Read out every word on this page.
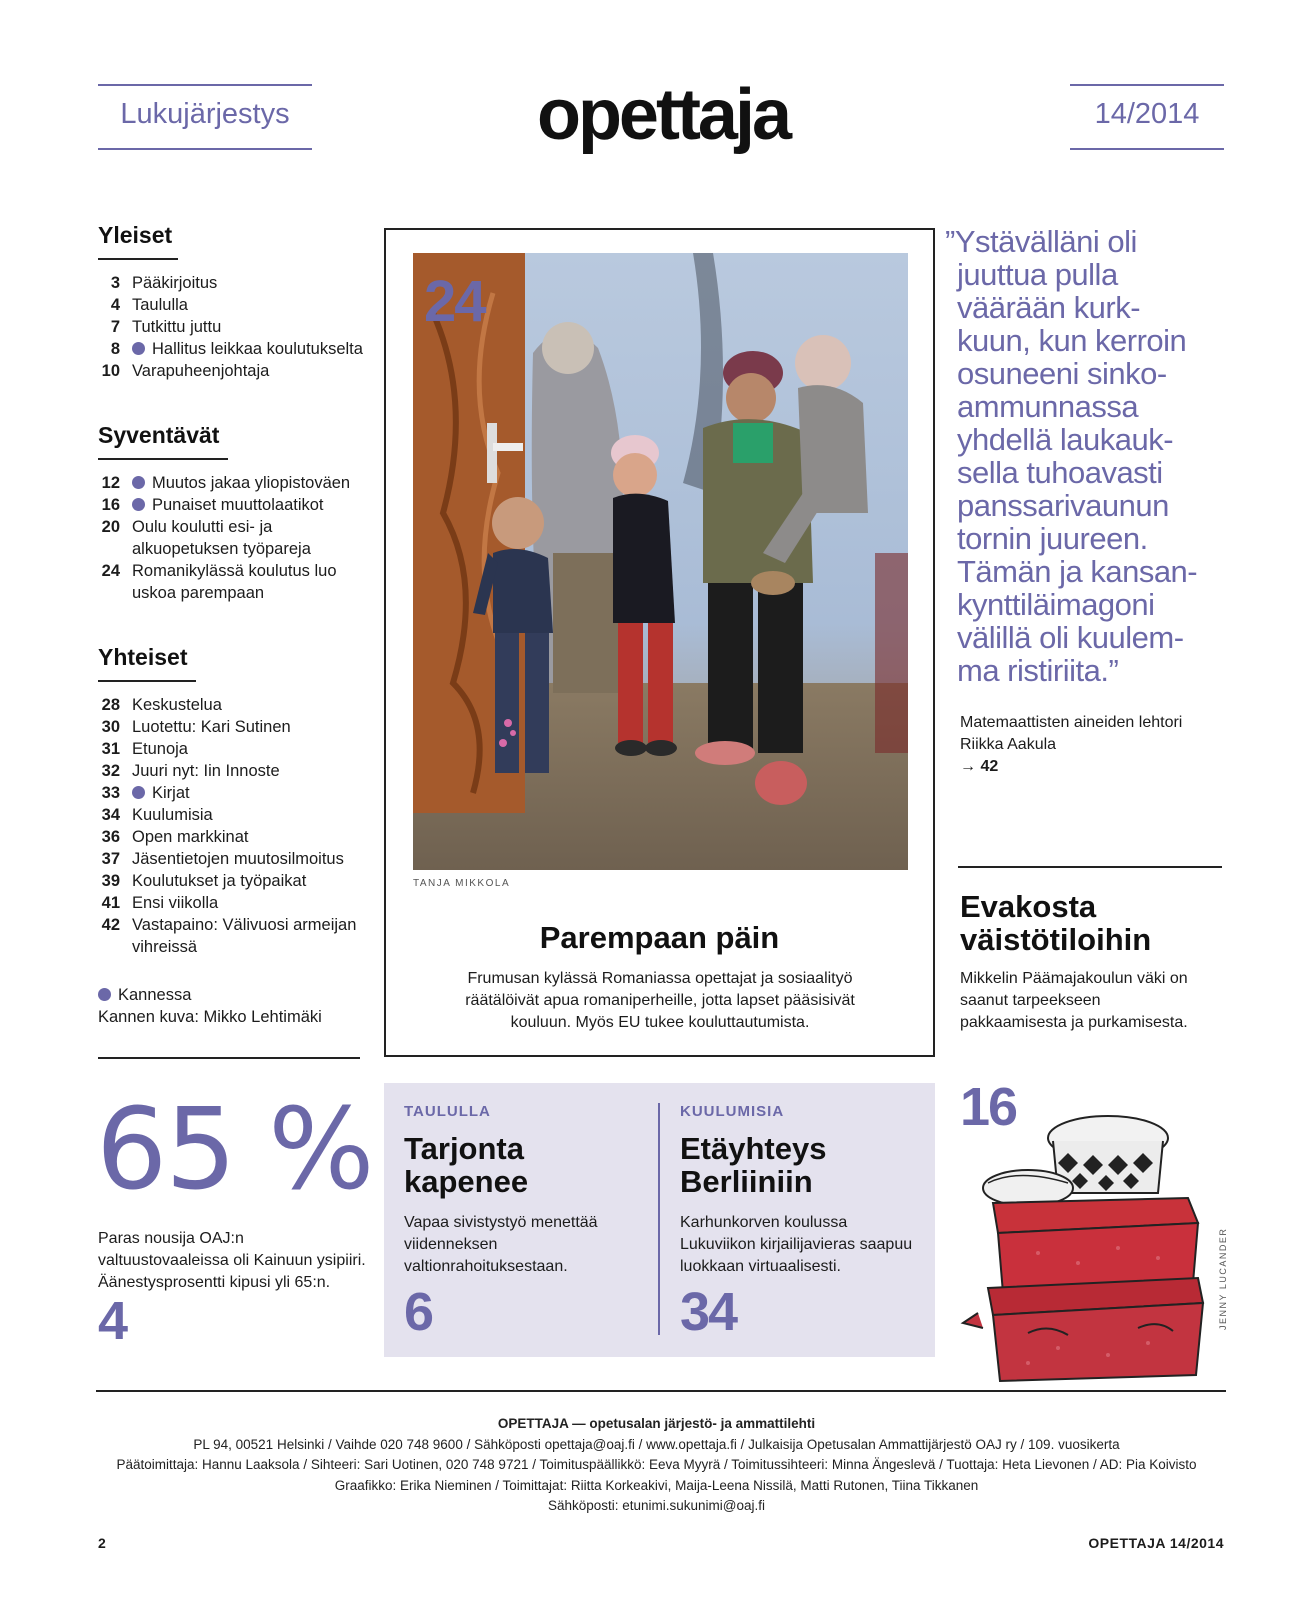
Lukujärjestys	opettaja	14/2014
Yleiset
3 Pääkirjoitus
4 Taululla
7 Tutkittu juttu
8 Hallitus leikkaa koulutukselta
10 Varapuheenjohtaja
Syventävät
12 Muutos jakaa yliopistoväen
16 Punaiset muuttolaatikot
20 Oulu koulutti esi- ja alkuopetuksen työpareja
24 Romanikylässä koulutus luo uskoa parempaan
Yhteiset
28 Keskustelua
30 Luotettu: Kari Sutinen
31 Etunoja
32 Juuri nyt: Iin Innoste
33 Kirjat
34 Kuulumisia
36 Open markkinat
37 Jäsentietojen muutosilmoitus
39 Koulutukset ja työpaikat
41 Ensi viikolla
42 Vastapaino: Välivuosi armeijan vihreissä
Kannessa
Kannen kuva: Mikko Lehtimäki
24
TANJA MIKKOLA
Parempaan päin
Frumusan kylässä Romaniassa opettajat ja sosiaalityö räätälöivät apua romaniperheille, jotta lapset pääsisivät kouluun. Myös EU tukee kouluttautumista.
”Ystävälläni oli
juuttua pulla
väärään kurk-
kuun, kun kerroin
osuneeni sinko-
ammunnassa
yhdellä laukauk-
sella tuhoavasti
panssarivaunun
tornin juureen.
Tämän ja kansan-
kynttiläimagoni
välillä oli kuulem-
ma ristiriita.”
Matemaattisten aineiden lehtori Riikka Aakula
→ 42
Evakosta väistötiloihin
Mikkelin Päämajakoulun väki on saanut tarpeekseen pakkaamisesta ja purkamisesta.
65 %
Paras nousija OAJ:n valtuustovaaleissa oli Kainuun ysipiiri. Äänestysprosentti kipusi yli 65:n.
4
TAULULLA
Tarjonta kapenee
Vapaa sivistystyö menettää viidenneksen valtionrahoituksestaan.
6
KUULUMISIA
Etäyhteys Berliiniin
Karhunkorven koulussa Lukuviikon kirjailijavieras saapuu luokkaan virtuaalisesti.
34
16
JENNY LUCANDER
OPETTAJA — opetusalan järjestö- ja ammattilehti
PL 94, 00521 Helsinki / Vaihde 020 748 9600 / Sähköposti opettaja@oaj.fi / www.opettaja.fi / Julkaisija Opetusalan Ammattijärjestö OAJ ry / 109. vuosikerta
Päätoimittaja: Hannu Laaksola / Sihteeri: Sari Uotinen, 020 748 9721 / Toimituspäällikkö: Eeva Myyrä / Toimitussihteeri: Minna Ängeslevä / Tuottaja: Heta Lievonen / AD: Pia Koivisto
Graafikko: Erika Nieminen / Toimittajat: Riitta Korkeakivi, Maija-Leena Nissilä, Matti Rutonen, Tiina Tikkanen
Sähköposti: etunimi.sukunimi@oaj.fi
2	OPETTAJA 14/2014
